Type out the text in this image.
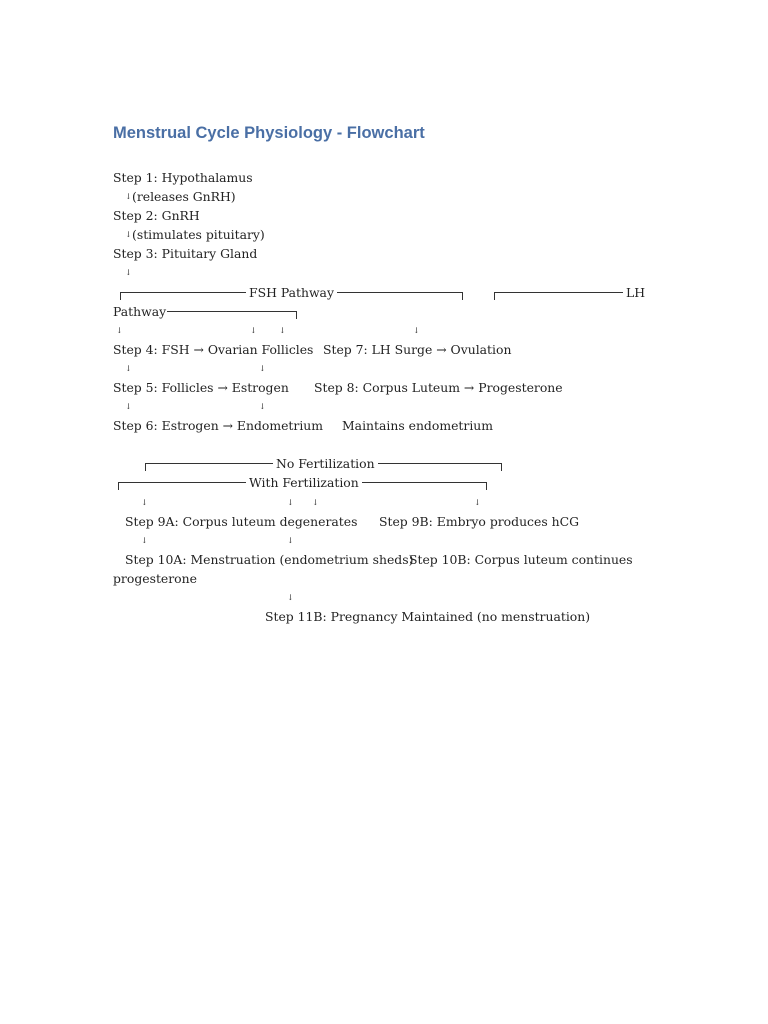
Menstrual Cycle Physiology - Flowchart
Step 1: Hypothalamus
↓ (releases GnRH)
Step 2: GnRH
↓ (stimulates pituitary)
Step 3: Pituitary Gland
↓
FSH Pathway	LH
Pathway
↓	↓	↓	↓
Step 4: FSH → Ovarian Follicles Step 7: LH Surge → Ovulation
↓	↓
Step 5: Follicles → Estrogen Step 8: Corpus Luteum → Progesterone
↓	↓
Step 6: Estrogen → Endometrium Maintains endometrium
No Fertilization
With Fertilization
↓	↓ ↓	↓
Step 9A: Corpus luteum degenerates Step 9B: Embryo produces hCG
↓	↓
Step 10A: Menstruation (endometrium sheds)
Step 10B: Corpus luteum continues
progesterone
↓
Step 11B: Pregnancy Maintained (no menstruation)
